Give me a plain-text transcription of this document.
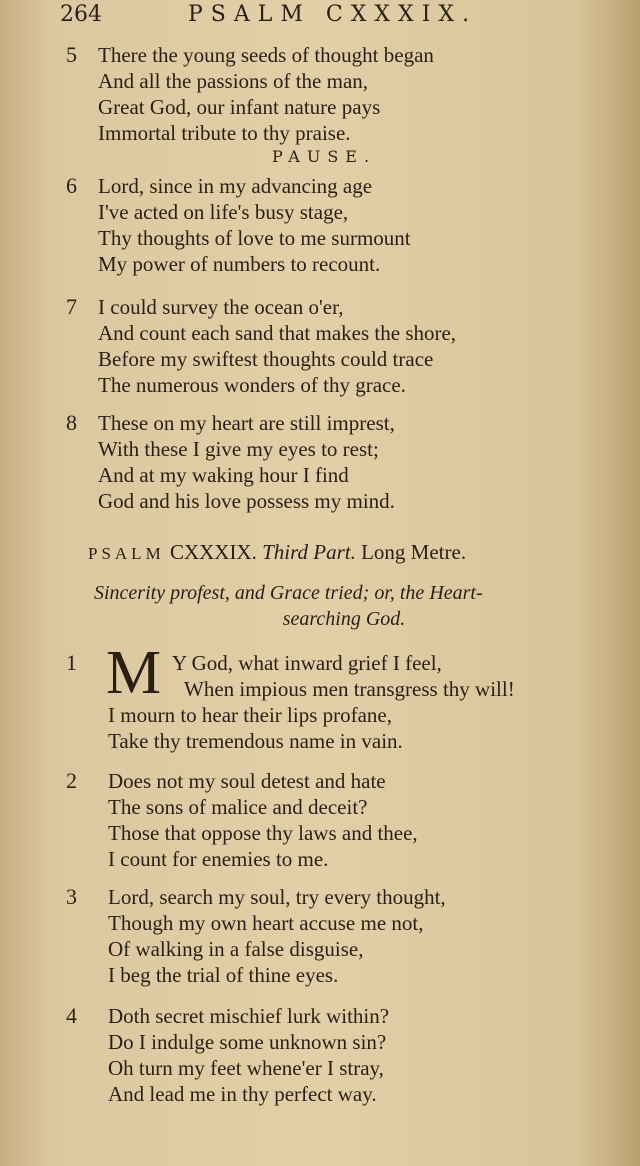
264	PSALM CXXXIX.
5	There the young seeds of thought began
And all the passions of the man,
Great God, our infant nature pays
Immortal tribute to thy praise.
PAUSE.
6	Lord, since in my advancing age
I've acted on life's busy stage,
Thy thoughts of love to me surmount
My power of numbers to recount.
7	I could survey the ocean o'er,
And count each sand that makes the shore,
Before my swiftest thoughts could trace
The numerous wonders of thy grace.
8	These on my heart are still imprest,
With these I give my eyes to rest;
And at my waking hour I find
God and his love possess my mind.
PSALM CXXXIX. Third Part. Long Metre.
Sincerity profest, and Grace tried; or, the Heart-
searching God.
M
1	Y God, what inward grief I feel,
When impious men transgress thy will!
I mourn to hear their lips profane,
Take thy tremendous name in vain.
2	Does not my soul detest and hate
The sons of malice and deceit?
Those that oppose thy laws and thee,
I count for enemies to me.
3	Lord, search my soul, try every thought,
Though my own heart accuse me not,
Of walking in a false disguise,
I beg the trial of thine eyes.
4	Doth secret mischief lurk within?
Do I indulge some unknown sin?
Oh turn my feet whene'er I stray,
And lead me in thy perfect way.
